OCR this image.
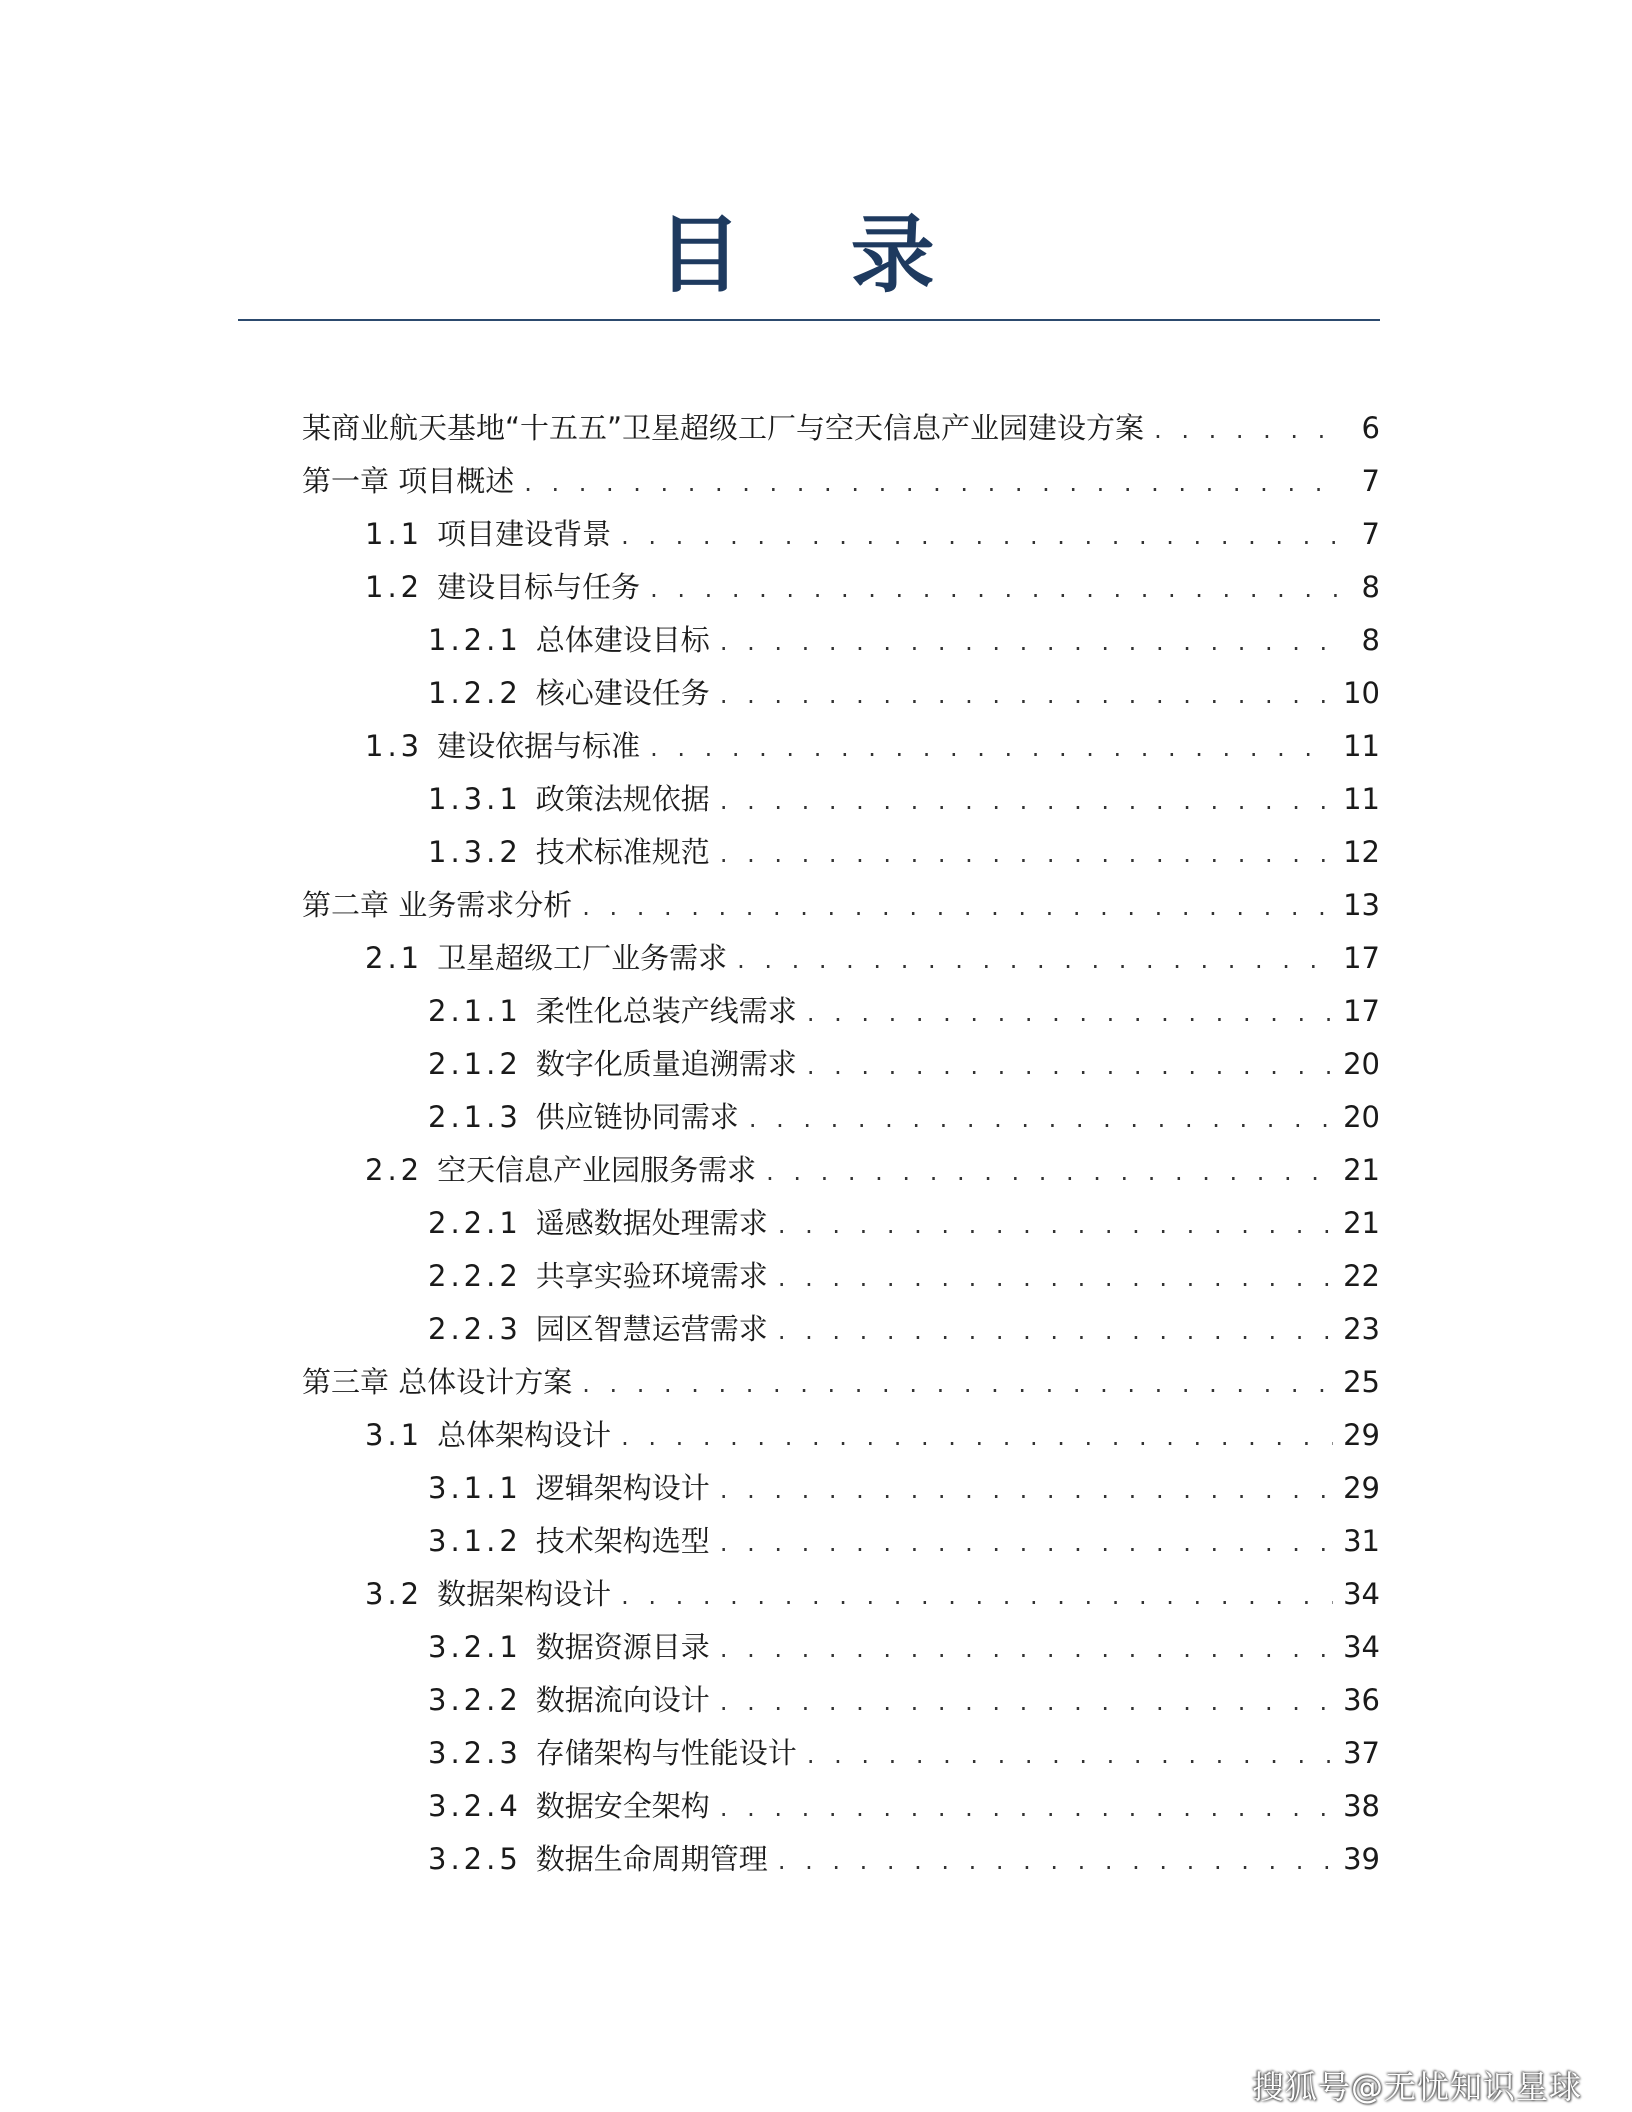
目 录
某商业航天基地“十五五”卫星超级工厂与空天信息产业园建设方案 . . .	6
第一章 项目概述 . . .	7
1.1 项目建设背景 . . .	7
1.2 建设目标与任务 . . .	8
1.2.1 总体建设目标 . . .	8
1.2.2 核心建设任务 . . .	10
1.3 建设依据与标准 . . .	11
1.3.1 政策法规依据 . . .	11
1.3.2 技术标准规范 . . .	12
第二章 业务需求分析 . . .	13
2.1 卫星超级工厂业务需求 . . .	17
2.1.1 柔性化总装产线需求 . . .	17
2.1.2 数字化质量追溯需求 . . .	20
2.1.3 供应链协同需求 . . .	20
2.2 空天信息产业园服务需求 . . .	21
2.2.1 遥感数据处理需求 . . .	21
2.2.2 共享实验环境需求 . . .	22
2.2.3 园区智慧运营需求 . . .	23
第三章 总体设计方案 . . .	25
3.1 总体架构设计 . . .	29
3.1.1 逻辑架构设计 . . .	29
3.1.2 技术架构选型 . . .	31
3.2 数据架构设计 . . .	34
3.2.1 数据资源目录 . . .	34
3.2.2 数据流向设计 . . .	36
3.2.3 存储架构与性能设计 . . .	37
3.2.4 数据安全架构 . . .	38
3.2.5 数据生命周期管理 . . .	39
搜狐号@无忧知识星球
